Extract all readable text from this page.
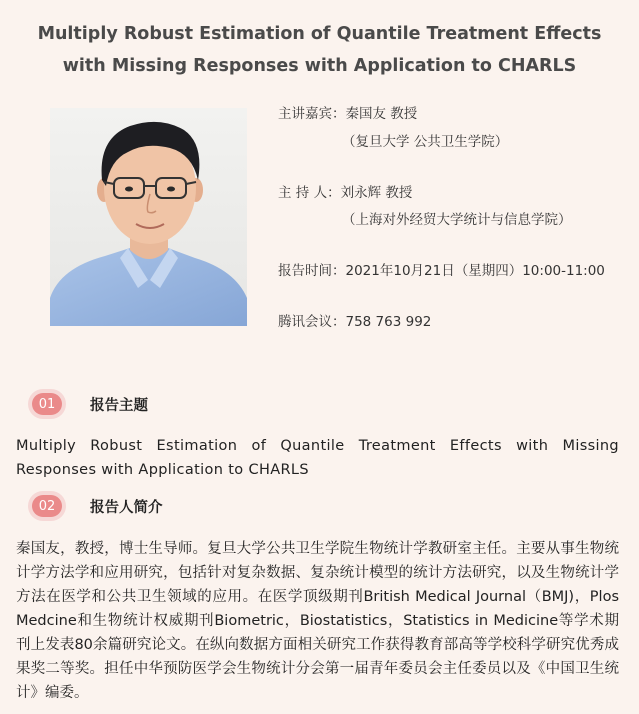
Multiply Robust Estimation of Quantile Treatment Effects
with Missing Responses with Application to CHARLS
主讲嘉宾：秦国友 教授
（复旦大学 公共卫生学院）
主 持 人：刘永辉 教授
（上海对外经贸大学统计与信息学院）
报告时间：2021年10月21日（星期四）10:00-11:00
腾讯会议：758 763 992
01	报告主题
Multiply Robust Estimation of Quantile Treatment Effects with Missing Responses with Application to CHARLS
02	报告人简介
秦国友，教授，博士生导师。复旦大学公共卫生学院生物统计学教研室主任。主要从事生物统计学方法学和应用研究，包括针对复杂数据、复杂统计模型的统计方法研究，以及生物统计学方法在医学和公共卫生领域的应用。在医学顶级期刊British Medical Journal（BMJ)，Plos Medcine和生物统计权威期刊Biometric，Biostatistics，Statistics in Medicine等学术期刊上发表80余篇研究论文。在纵向数据方面相关研究工作获得教育部高等学校科学研究优秀成果奖二等奖。担任中华预防医学会生物统计分会第一届青年委员会主任委员以及《中国卫生统计》编委。
